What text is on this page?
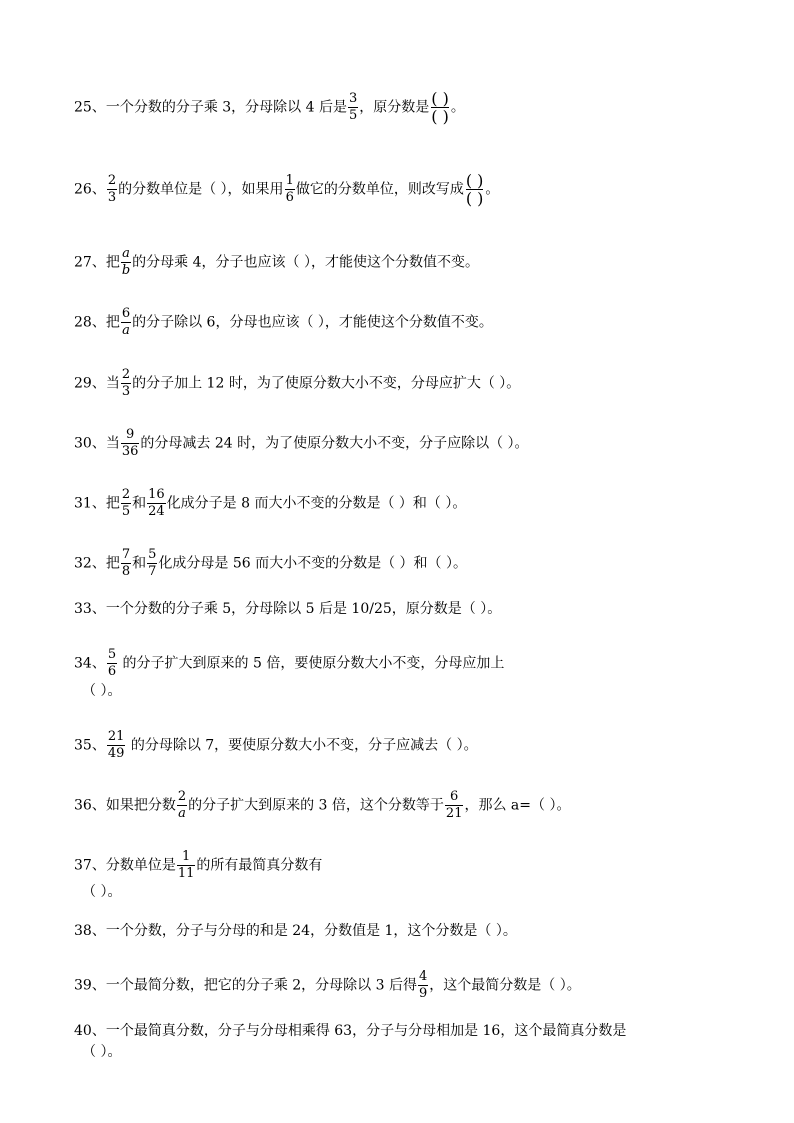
25、一个分数的分子乘 3，分母除以 4 后是 $\frac{3}{5}$ ，原分数是 ( )
( ) 。
26、 $\frac{2}{3}$ 的分数单位是（ ），如果用 $\frac{1}{6}$ 做它的分数单位，则改写成 ( )
( ) 。
27、把 $\frac{a}{b}$ 的分母乘 4，分子也应该（ ），才能使这个分数值不变。
28、把 $\frac{6}{a}$ 的分子除以 6，分母也应该（ ），才能使这个分数值不变。
29、当 $\frac{2}{3}$ 的分子加上 12 时，为了使原分数大小不变，分母应扩大（ ）。
30、当 $\frac{9}{36}$ 的分母减去 24 时，为了使原分数大小不变，分子应除以（ ）。
31、把 $\frac{2}{5}$ 和 $\frac{16}{24}$ 化成分子是 8 而大小不变的分数是（ ）和（ ）。
32、把 $\frac{7}{8}$ 和 $\frac{5}{7}$ 化成分母是 56 而大小不变的分数是（ ）和（ ）。
33、一个分数的分子乘 5，分母除以 5 后是 10/25，原分数是（ ）。
34、 $\frac{5}{6}$ 的分子扩大到原来的 5 倍，要使原分数大小不变，分母应加上
（ ）。
35、 $\frac{21}{49}$ 的分母除以 7，要使原分数大小不变，分子应减去（ ）。
36、如果把分数 $\frac{2}{a}$ 的分子扩大到原来的 3 倍，这个分数等于 $\frac{6}{21}$ ，那么 a=（ ）。
37、分数单位是 $\frac{1}{11}$ 的所有最简真分数有
（ ）。
38、一个分数，分子与分母的和是 24，分数值是 1，这个分数是（ ）。
39、一个最简分数，把它的分子乘 2，分母除以 3 后得 $\frac{4}{9}$ ，这个最简分数是（ ）。
40、一个最简真分数，分子与分母相乘得 63，分子与分母相加是 16，这个最简真分数是
（ ）。
